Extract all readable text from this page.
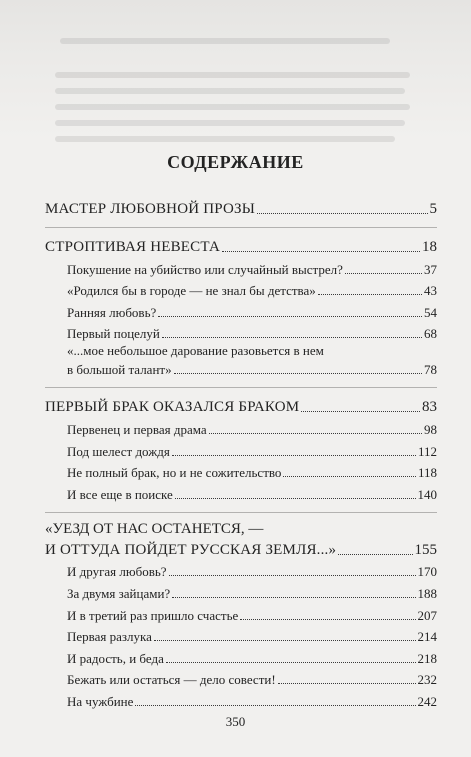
СОДЕРЖАНИЕ
МАСТЕР ЛЮБОВНОЙ ПРОЗЫ	5
СТРОПТИВАЯ НЕВЕСТА	18
Покушение на убийство или случайный выстрел?	37
«Родился бы в городе — не знал бы детства»	43
Ранняя любовь?	54
Первый поцелуй	68
«...мое небольшое дарование разовьется в нем
в большой талант»	78
ПЕРВЫЙ БРАК ОКАЗАЛСЯ БРАКОМ	83
Первенец и первая драма	98
Под шелест дождя	112
Не полный брак, но и не сожительство	118
И все еще в поиске	140
«УЕЗД ОТ НАС ОСТАНЕТСЯ, —
И ОТТУДА ПОЙДЕТ РУССКАЯ ЗЕМЛЯ...»	155
И другая любовь?	170
За двумя зайцами?	188
И в третий раз пришло счастье	207
Первая разлука	214
И радость, и беда	218
Бежать или остаться — дело совести!	232
На чужбине	242
350
